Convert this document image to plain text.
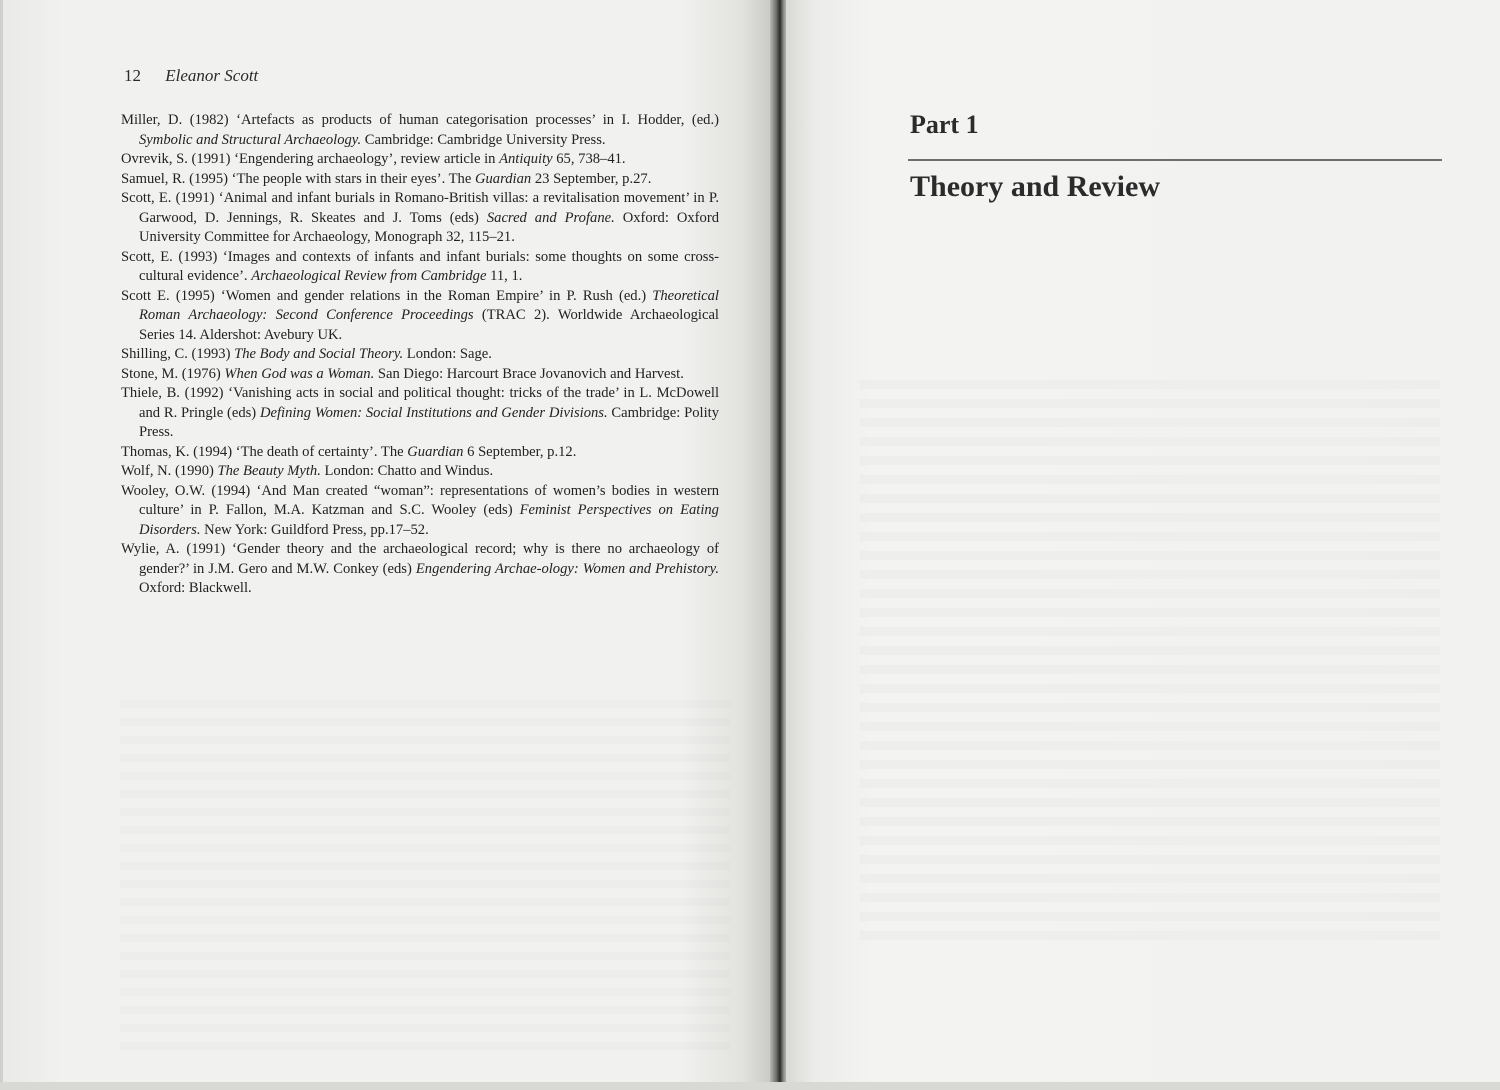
12 Eleanor Scott

Miller, D. (1982) ‘Artefacts as products of human categorisation processes’ in I. Hodder, (ed.) Symbolic and Structural Archaeology. Cambridge: Cambridge University Press.

Ovrevik, S. (1991) ‘Engendering archaeology’, review article in Antiquity 65, 738–41.

Samuel, R. (1995) ‘The people with stars in their eyes’. The Guardian 23 September, p.27.

Scott, E. (1991) ‘Animal and infant burials in Romano-British villas: a revitalisation movement’ in P. Garwood, D. Jennings, R. Skeates and J. Toms (eds) Sacred and Profane. Oxford: Oxford University Committee for Archaeology, Monograph 32, 115–21.

Scott, E. (1993) ‘Images and contexts of infants and infant burials: some thoughts on some cross-cultural evidence’. Archaeological Review from Cambridge 11, 1.

Scott E. (1995) ‘Women and gender relations in the Roman Empire’ in P. Rush (ed.) Theoretical Roman Archaeology: Second Conference Proceedings (TRAC 2). Worldwide Archaeological Series 14. Aldershot: Avebury UK.

Shilling, C. (1993) The Body and Social Theory. London: Sage.

Stone, M. (1976) When God was a Woman. San Diego: Harcourt Brace Jovanovich and Harvest.

Thiele, B. (1992) ‘Vanishing acts in social and political thought: tricks of the trade’ in L. McDowell and R. Pringle (eds) Defining Women: Social Institutions and Gender Divisions. Cambridge: Polity Press.

Thomas, K. (1994) ‘The death of certainty’. The Guardian 6 September, p.12.

Wolf, N. (1990) The Beauty Myth. London: Chatto and Windus.

Wooley, O.W. (1994) ‘And Man created “woman”: representations of women’s bodies in western culture’ in P. Fallon, M.A. Katzman and S.C. Wooley (eds) Feminist Perspectives on Eating Disorders. New York: Guildford Press, pp.17–52.

Wylie, A. (1991) ‘Gender theory and the archaeological record; why is there no archaeology of gender?’ in J.M. Gero and M.W. Conkey (eds) Engendering Archae-ology: Women and Prehistory. Oxford: Blackwell.

Part 1
Theory and Review
